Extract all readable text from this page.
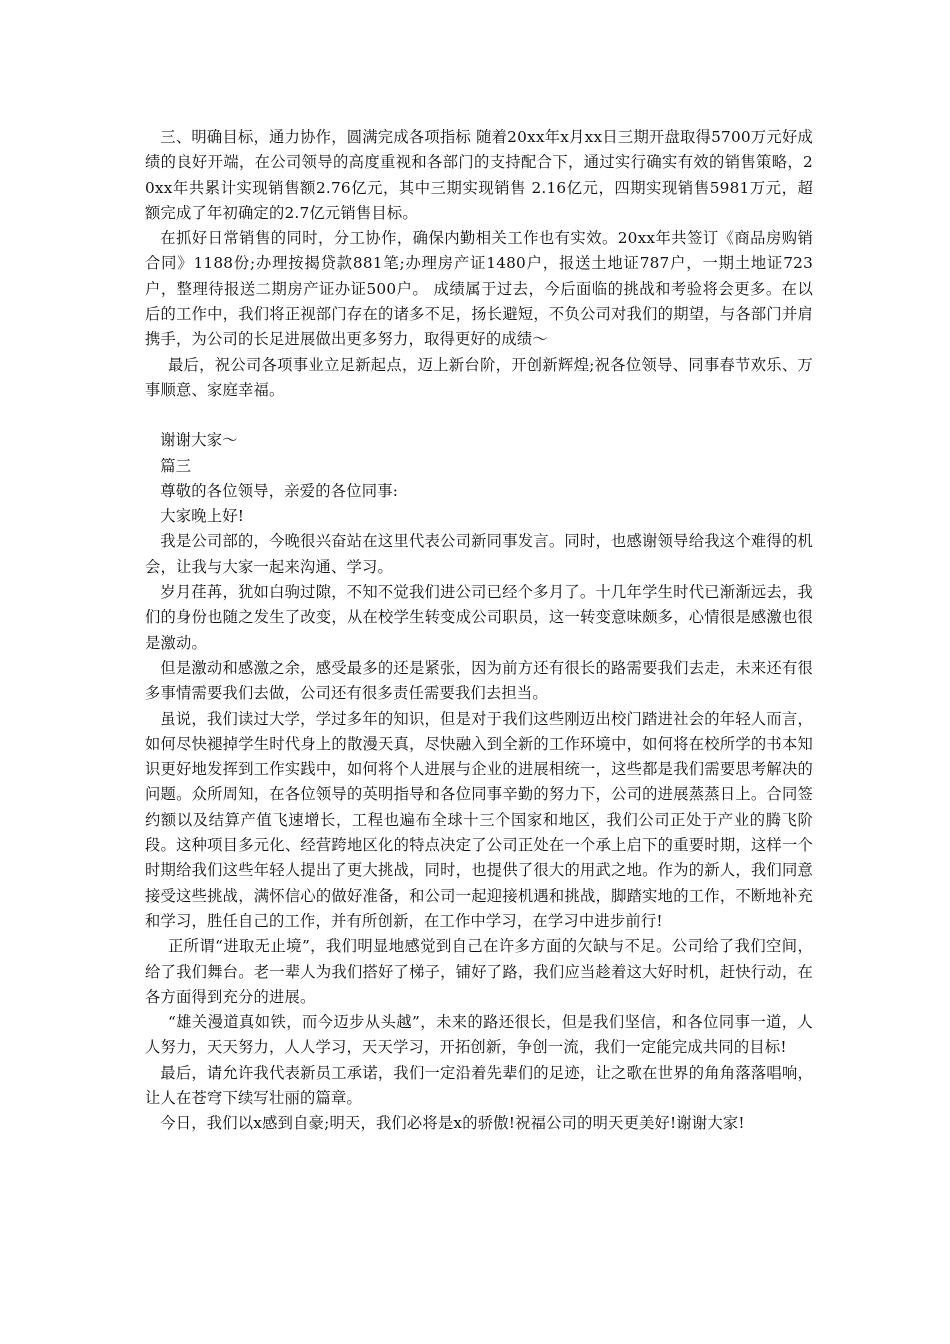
三、明确目标，通力协作，圆满完成各项指标 随着20xx年x月xx日三期开盘取得5700万元好成绩的良好开端，在公司领导的高度重视和各部门的支持配合下，通过实行确实有效的销售策略，20xx年共累计实现销售额2.76亿元，其中三期实现销售 2.16亿元，四期实现销售5981万元，超额完成了年初确定的2.7亿元销售目标。

在抓好日常销售的同时，分工协作，确保内勤相关工作也有实效。20xx年共签订《商品房购销合同》1188份;办理按揭贷款881笔;办理房产证1480户，报送土地证787户，一期土地证723户，整理待报送二期房产证办证500户。 成绩属于过去，今后面临的挑战和考验将会更多。在以后的工作中，我们将正视部门存在的诸多不足，扬长避短，不负公司对我们的期望，与各部门并肩携手，为公司的长足进展做出更多努力，取得更好的成绩～

最后，祝公司各项事业立足新起点，迈上新台阶，开创新辉煌;祝各位领导、同事春节欢乐、万事顺意、家庭幸福。

谢谢大家～

篇三

尊敬的各位领导，亲爱的各位同事:

大家晚上好!

我是公司部的，今晚很兴奋站在这里代表公司新同事发言。同时，也感谢领导给我这个难得的机会，让我与大家一起来沟通、学习。

岁月荏苒，犹如白驹过隙，不知不觉我们进公司已经个多月了。十几年学生时代已渐渐远去，我们的身份也随之发生了改变，从在校学生转变成公司职员，这一转变意味颇多，心情很是感激也很是激动。

但是激动和感激之余，感受最多的还是紧张，因为前方还有很长的路需要我们去走，未来还有很多事情需要我们去做，公司还有很多责任需要我们去担当。

虽说，我们读过大学，学过多年的知识，但是对于我们这些刚迈出校门踏进社会的年轻人而言，如何尽快褪掉学生时代身上的散漫天真，尽快融入到全新的工作环境中，如何将在校所学的书本知识更好地发挥到工作实践中，如何将个人进展与企业的进展相统一，这些都是我们需要思考解决的问题。众所周知，在各位领导的英明指导和各位同事辛勤的努力下，公司的进展蒸蒸日上。合同签约额以及结算产值飞速增长，工程也遍布全球十三个国家和地区，我们公司正处于产业的腾飞阶段。这种项目多元化、经营跨地区化的特点决定了公司正处在一个承上启下的重要时期，这样一个时期给我们这些年轻人提出了更大挑战，同时，也提供了很大的用武之地。作为的新人，我们同意接受这些挑战，满怀信心的做好准备，和公司一起迎接机遇和挑战，脚踏实地的工作，不断地补充和学习，胜任自己的工作，并有所创新，在工作中学习，在学习中进步前行!

正所谓“进取无止境”，我们明显地感觉到自己在许多方面的欠缺与不足。公司给了我们空间，给了我们舞台。老一辈人为我们搭好了梯子，铺好了路，我们应当趁着这大好时机，赶快行动，在各方面得到充分的进展。

“雄关漫道真如铁，而今迈步从头越”，未来的路还很长，但是我们坚信，和各位同事一道，人人努力，天天努力，人人学习，天天学习，开拓创新，争创一流，我们一定能完成共同的目标!

最后，请允许我代表新员工承诺，我们一定沿着先辈们的足迹，让之歌在世界的角角落落唱响，让人在苍穹下续写壮丽的篇章。

今日，我们以x感到自豪;明天，我们必将是x的骄傲!祝福公司的明天更美好!谢谢大家!
